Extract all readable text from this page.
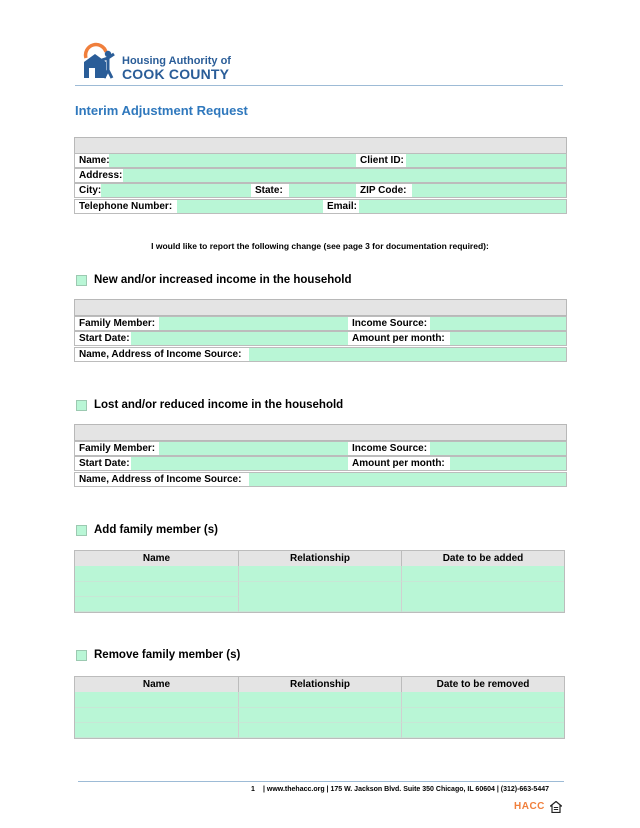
Housing Authority of
COOK COUNTY
Interim Adjustment Request
Name:	Client ID:
Address:
City:	State:	ZIP Code:
Telephone Number:	Email:
I would like to report the following change (see page 3 for documentation required):
New and/or increased income in the household
Family Member:	Income Source:
Start Date:	Amount per month:
Name, Address of Income Source:
Lost and/or reduced income in the household
Family Member:	Income Source:
Start Date:	Amount per month:
Name, Address of Income Source:
Add family member (s)
Name	Relationship	Date to be added
Remove family member (s)
Name	Relationship	Date to be removed
1 | www.thehacc.org | 175 W. Jackson Blvd. Suite 350 Chicago, IL 60604 | (312)-663-5447
HACC
